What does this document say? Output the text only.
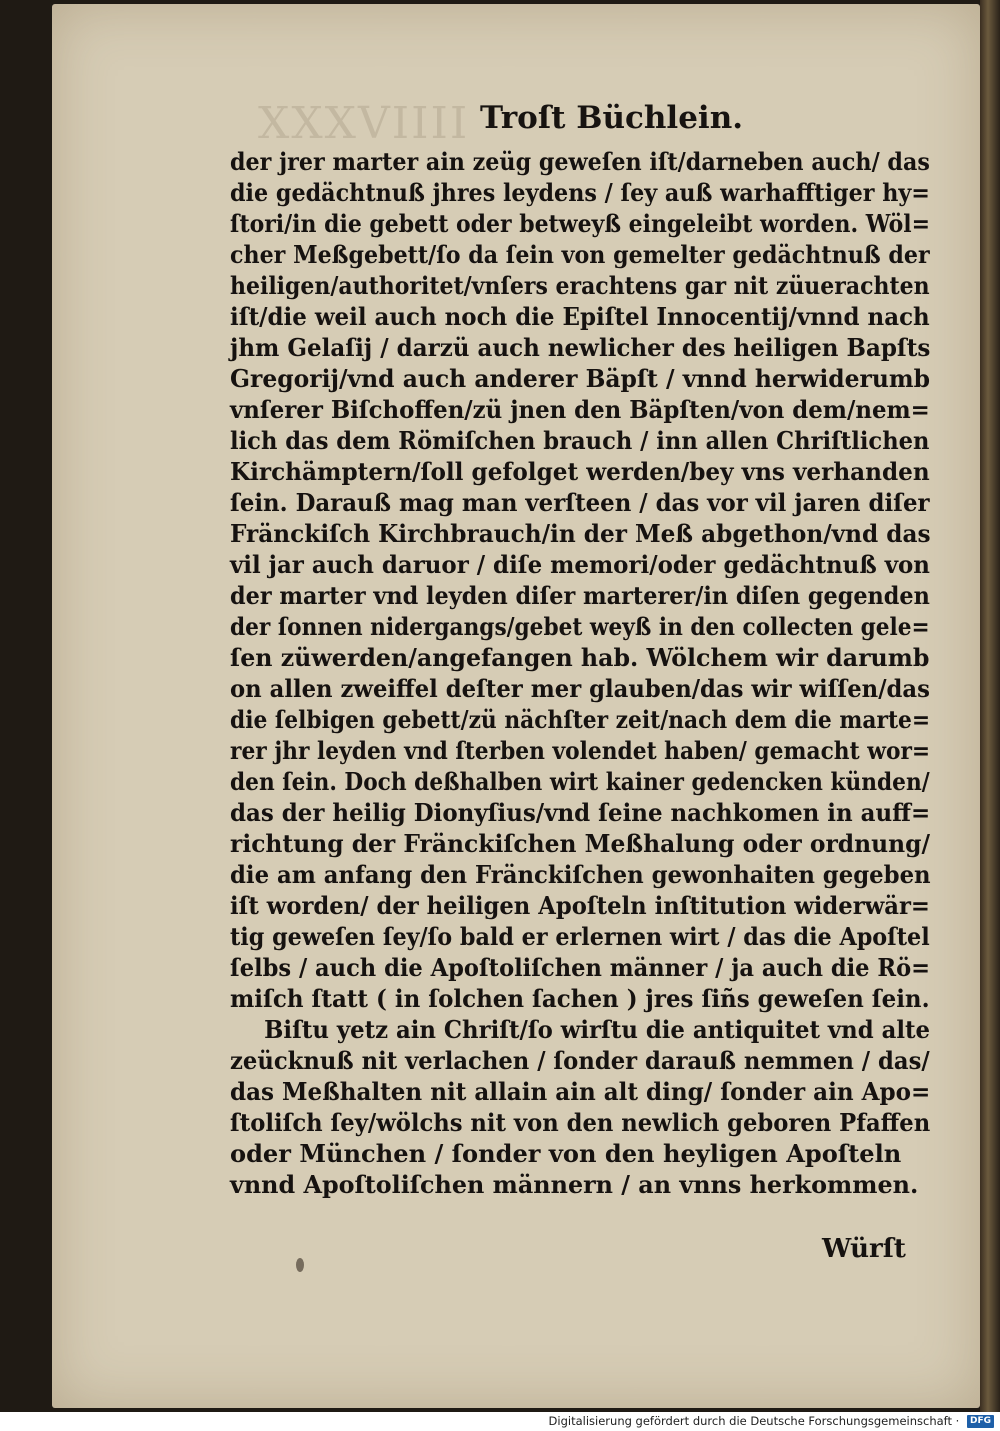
XXXVIIII Troſt Büchlein.
der jrer marter ain zeüg geweſen iſt/darneben auch/ das
die gedächtnuß jhres leydens / ſey auß warhafftiger hy=
ſtori/in die gebett oder betweyß eingeleibt worden. Wöl=
cher Meßgebett/ſo da ſein von gemelter gedächtnuß der
heiligen/authoritet/vnſers erachtens gar nit züuerachten
iſt/die weil auch noch die Epiſtel Innocentij/vnnd nach
jhm Gelaſij / darzü auch newlicher des heiligen Bapſts
Gregorij/vnd auch anderer Bäpſt / vnnd herwiderumb
vnſerer Biſchoffen/zü jnen den Bäpſten/von dem/nem=
lich das dem Römiſchen brauch / inn allen Chriſtlichen
Kirchämptern/ſoll gefolget werden/bey vns verhanden
ſein. Darauß mag man verſteen / das vor vil jaren diſer
Fränckiſch Kirchbrauch/in der Meß abgethon/vnd das
vil jar auch daruor / diſe memori/oder gedächtnuß von
der marter vnd leyden diſer marterer/in diſen gegenden
der ſonnen nidergangs/gebet weyß in den collecten gele=
ſen züwerden/angefangen hab. Wölchem wir darumb
on allen zweiffel deſter mer glauben/das wir wiſſen/das
die ſelbigen gebett/zü nächſter zeit/nach dem die marte=
rer jhr leyden vnd ſterben volendet haben/ gemacht wor=
den ſein. Doch deßhalben wirt kainer gedencken künden/
das der heilig Dionyſius/vnd ſeine nachkomen in auff=
richtung der Fränckiſchen Meßhalung oder ordnung/
die am anfang den Fränckiſchen gewonhaiten gegeben
iſt worden/ der heiligen Apoſteln inſtitution widerwär=
tig geweſen ſey/ſo bald er erlernen wirt / das die Apoſtel
ſelbs / auch die Apoſtoliſchen männer / ja auch die Rö=
miſch ſtatt ( in ſolchen ſachen ) jres ſiñs geweſen ſein.
Biſtu yetz ain Chriſt/ſo wirſtu die antiquitet vnd alte
zeücknuß nit verlachen / ſonder darauß nemmen / das/
das Meßhalten nit allain ain alt ding/ ſonder ain Apo=
ſtoliſch ſey/wölchs nit von den newlich geboren Pfaffen
oder München / ſonder von den heyligen Apoſteln
vnnd Apoſtoliſchen männern / an vnns herkommen.
Würſt
Digitalisierung gefördert durch die Deutsche Forschungsgemeinschaft · DFG
